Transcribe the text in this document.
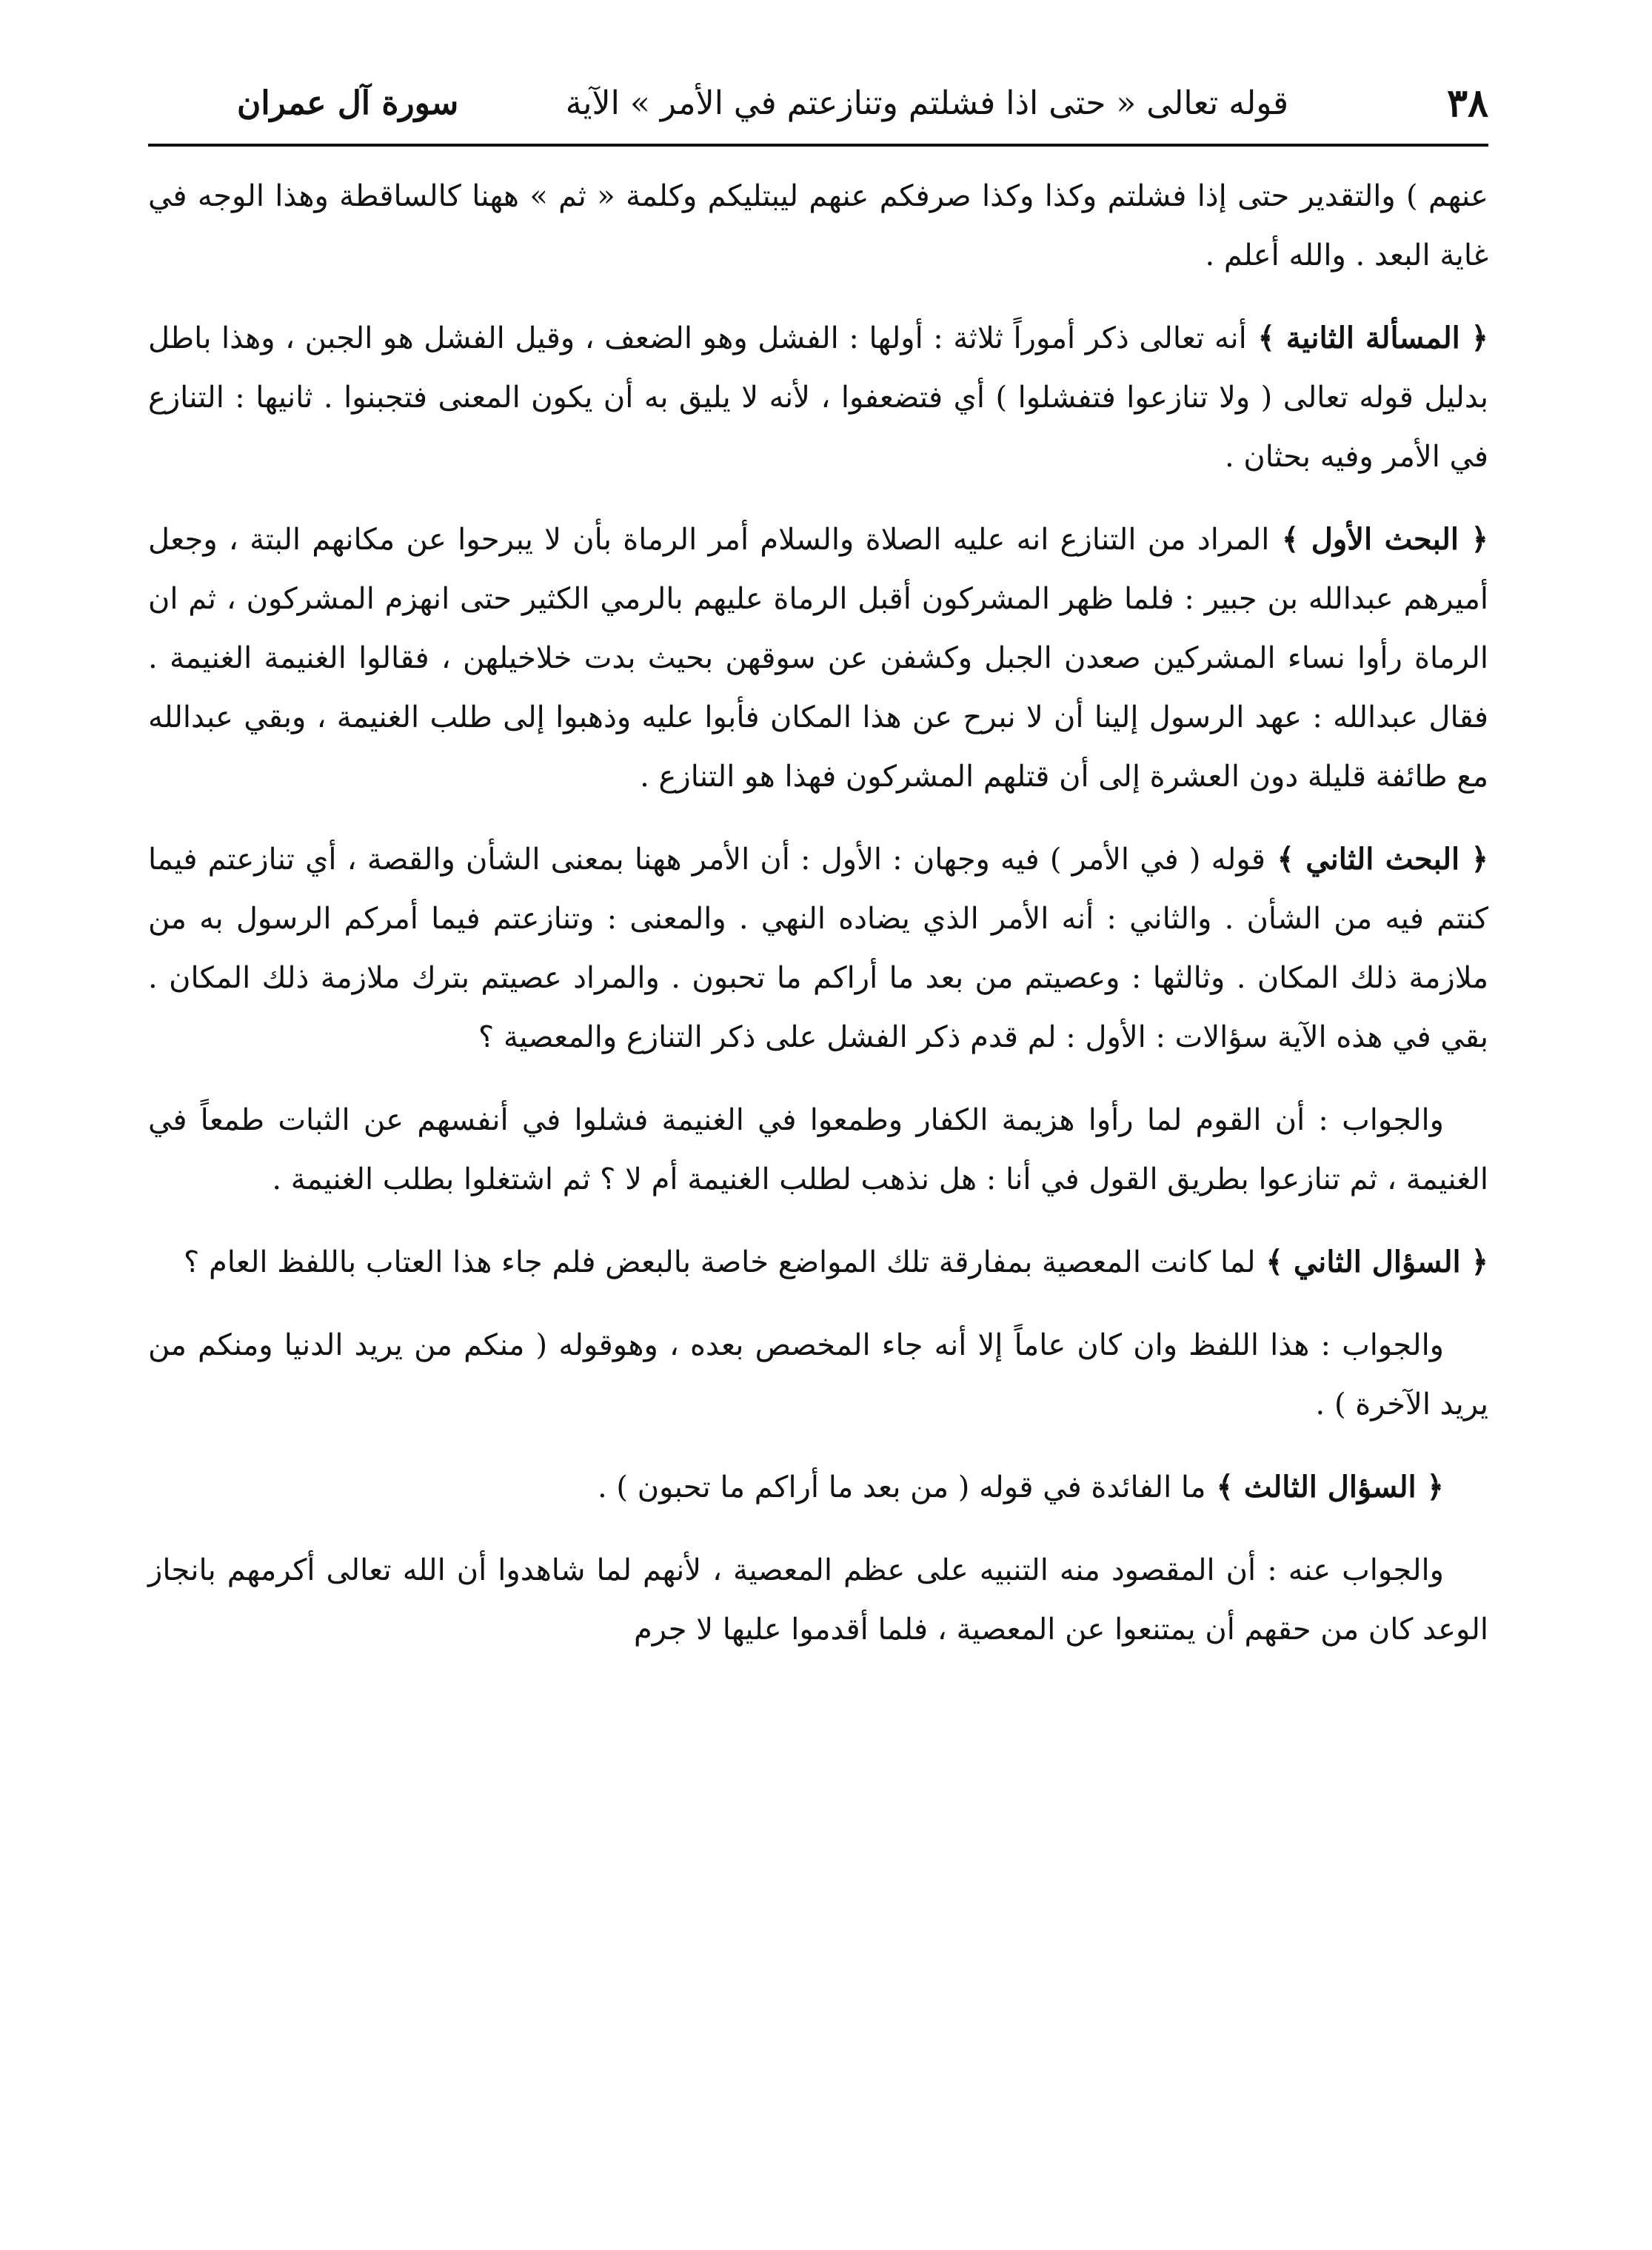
٣٨
قوله تعالى « حتى اذا فشلتم وتنازعتم في الأمر » الآية
سورة آل عمران

عنهم ) والتقدير حتى إذا فشلتم وكذا وكذا صرفكم عنهم ليبتليكم وكلمة « ثم » ههنا كالساقطة وهذا الوجه في غاية البعد . والله أعلم .

﴿ المسألة الثانية ﴾ أنه تعالى ذكر أموراً ثلاثة : أولها : الفشل وهو الضعف ، وقيل الفشل هو الجبن ، وهذا باطل بدليل قوله تعالى ( ولا تنازعوا فتفشلوا ) أي فتضعفوا ، لأنه لا يليق به أن يكون المعنى فتجبنوا . ثانيها : التنازع في الأمر وفيه بحثان .

﴿ البحث الأول ﴾ المراد من التنازع انه عليه الصلاة والسلام أمر الرماة بأن لا يبرحوا عن مكانهم البتة ، وجعل أميرهم عبدالله بن جبير : فلما ظهر المشركون أقبل الرماة عليهم بالرمي الكثير حتى انهزم المشركون ، ثم ان الرماة رأوا نساء المشركين صعدن الجبل وكشفن عن سوقهن بحيث بدت خلاخيلهن ، فقالوا الغنيمة الغنيمة . فقال عبدالله : عهد الرسول إلينا أن لا نبرح عن هذا المكان فأبوا عليه وذهبوا إلى طلب الغنيمة ، وبقي عبدالله مع طائفة قليلة دون العشرة إلى أن قتلهم المشركون فهذا هو التنازع .

﴿ البحث الثاني ﴾ قوله ( في الأمر ) فيه وجهان : الأول : أن الأمر ههنا بمعنى الشأن والقصة ، أي تنازعتم فيما كنتم فيه من الشأن . والثاني : أنه الأمر الذي يضاده النهي . والمعنى : وتنازعتم فيما أمركم الرسول به من ملازمة ذلك المكان . وثالثها : وعصيتم من بعد ما أراكم ما تحبون . والمراد عصيتم بترك ملازمة ذلك المكان . بقي في هذه الآية سؤالات : الأول : لم قدم ذكر الفشل على ذكر التنازع والمعصية ؟

والجواب : أن القوم لما رأوا هزيمة الكفار وطمعوا في الغنيمة فشلوا في أنفسهم عن الثبات طمعاً في الغنيمة ، ثم تنازعوا بطريق القول في أنا : هل نذهب لطلب الغنيمة أم لا ؟ ثم اشتغلوا بطلب الغنيمة .

﴿ السؤال الثاني ﴾ لما كانت المعصية بمفارقة تلك المواضع خاصة بالبعض فلم جاء هذا العتاب باللفظ العام ؟

والجواب : هذا اللفظ وان كان عاماً إلا أنه جاء المخصص بعده ، وهوقوله ( منكم من يريد الدنيا ومنكم من يريد الآخرة ) .

﴿ السؤال الثالث ﴾ ما الفائدة في قوله ( من بعد ما أراكم ما تحبون ) .

والجواب عنه : أن المقصود منه التنبيه على عظم المعصية ، لأنهم لما شاهدوا أن الله تعالى أكرمهم بانجاز الوعد كان من حقهم أن يمتنعوا عن المعصية ، فلما أقدموا عليها لا جرم
